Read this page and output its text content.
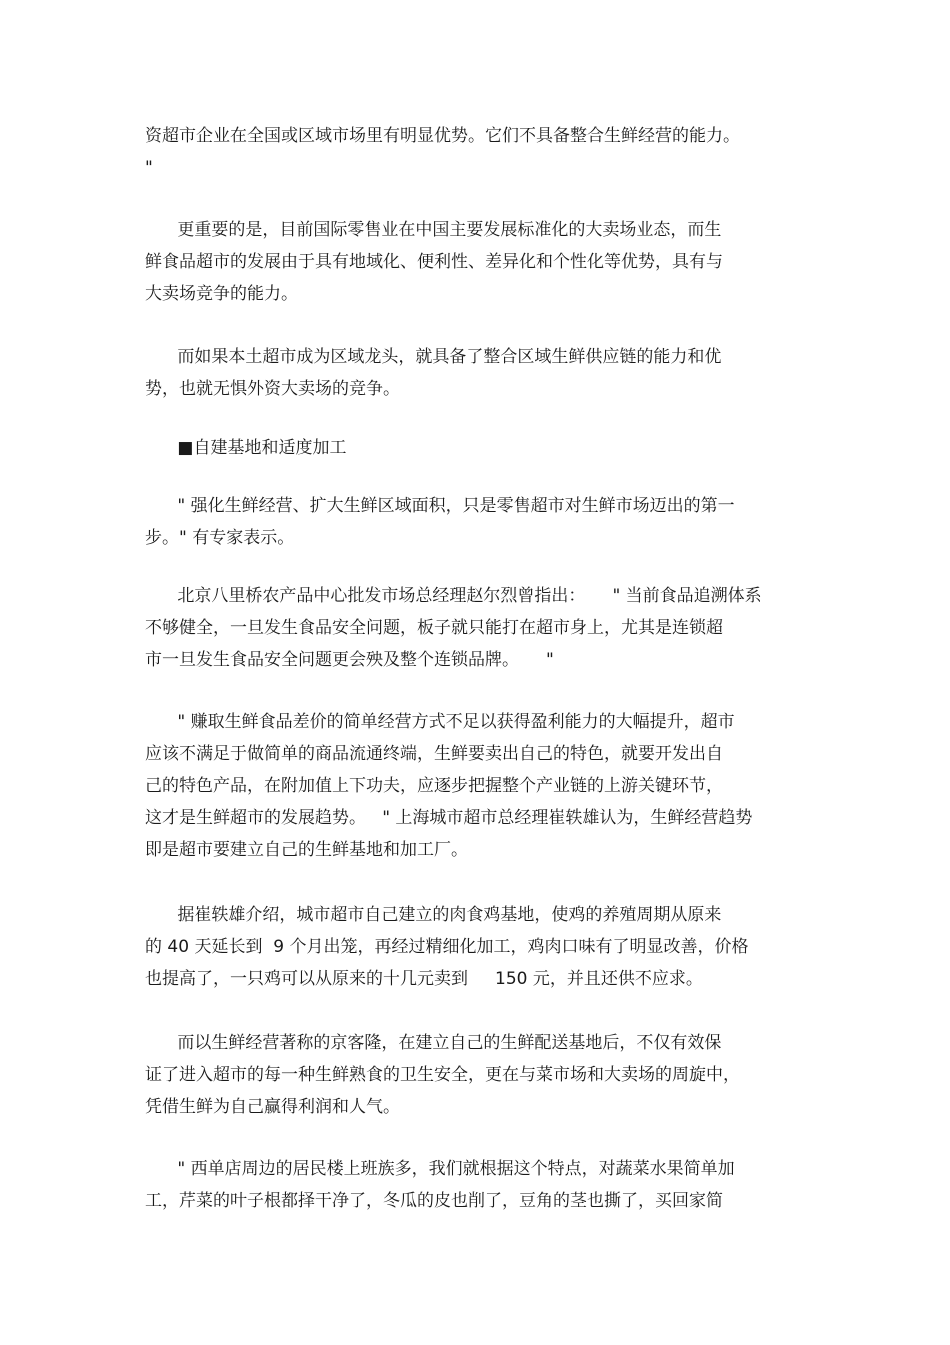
资超市企业在全国或区域市场里有明显优势。它们不具备整合生鲜经营的能力。
"
更重要的是，目前国际零售业在中国主要发展标准化的大卖场业态，而生
鲜食品超市的发展由于具有地域化、便利性、差异化和个性化等优势，具有与
大卖场竞争的能力。
而如果本土超市成为区域龙头，就具备了整合区域生鲜供应链的能力和优
势，也就无惧外资大卖场的竞争。
■自建基地和适度加工
" 强化生鲜经营、扩大生鲜区域面积，只是零售超市对生鲜市场迈出的第一
步。" 有专家表示。
北京八里桥农产品中心批发市场总经理赵尔烈曾指出：     " 当前食品追溯体系
不够健全，一旦发生食品安全问题，板子就只能打在超市身上，尤其是连锁超
市一旦发生食品安全问题更会殃及整个连锁品牌。     "
" 赚取生鲜食品差价的简单经营方式不足以获得盈利能力的大幅提升，超市
应该不满足于做简单的商品流通终端，生鲜要卖出自己的特色，就要开发出自
己的特色产品，在附加值上下功夫，应逐步把握整个产业链的上游关键环节，
这才是生鲜超市的发展趋势。   " 上海城市超市总经理崔轶雄认为，生鲜经营趋势
即是超市要建立自己的生鲜基地和加工厂。
据崔轶雄介绍，城市超市自己建立的肉食鸡基地，使鸡的养殖周期从原来
的 40 天延长到  9 个月出笼，再经过精细化加工，鸡肉口味有了明显改善，价格
也提高了，一只鸡可以从原来的十几元卖到     150 元，并且还供不应求。
而以生鲜经营著称的京客隆，在建立自己的生鲜配送基地后，不仅有效保
证了进入超市的每一种生鲜熟食的卫生安全，更在与菜市场和大卖场的周旋中，
凭借生鲜为自己赢得利润和人气。
" 西单店周边的居民楼上班族多，我们就根据这个特点，对蔬菜水果简单加
工，芹菜的叶子根都择干净了，冬瓜的皮也削了，豆角的茎也撕了，买回家简
